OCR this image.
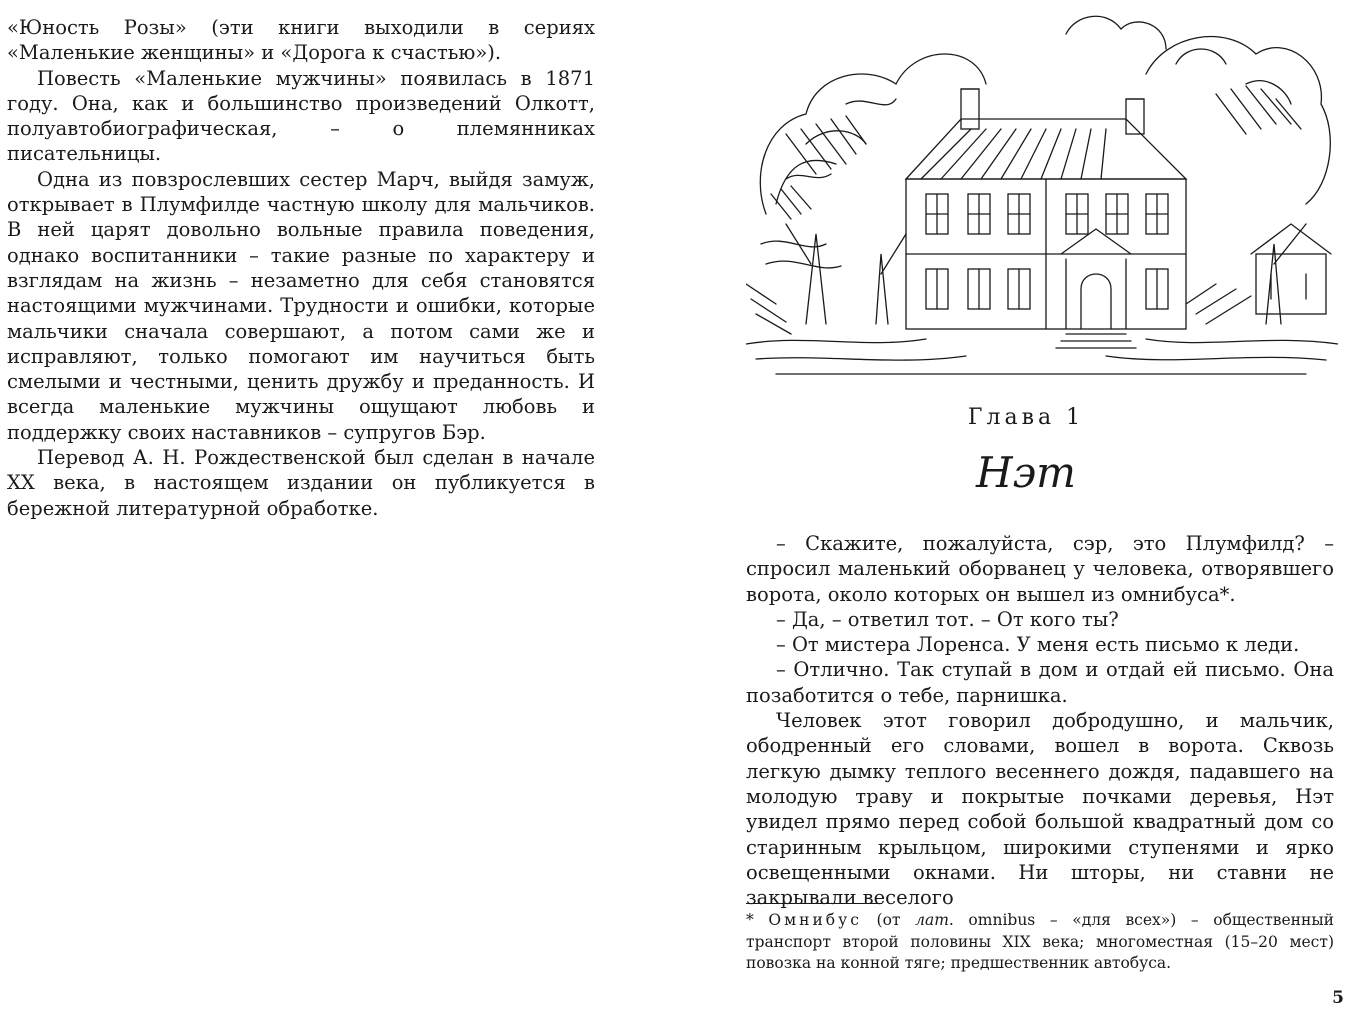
«Юность Розы» (эти книги выходили в сериях «Маленькие женщины» и «Дорога к счастью»).

Повесть «Маленькие мужчины» появилась в 1871 году. Она, как и большинство произведений Олкотт, полуавтобиографическая, – о племянниках писательницы.

Одна из повзрослевших сестер Марч, выйдя замуж, открывает в Плумфилде частную школу для мальчиков. В ней царят довольно вольные правила поведения, однако воспитанники – такие разные по характеру и взглядам на жизнь – незаметно для себя становятся настоящими мужчинами. Трудности и ошибки, которые мальчики сначала совершают, а потом сами же и исправляют, только помогают им научиться быть смелыми и честными, ценить дружбу и преданность. И всегда маленькие мужчины ощущают любовь и поддержку своих наставников – супругов Бэр.

Перевод А. Н. Рождественской был сделан в начале XX века, в настоящем издании он публикуется в бережной литературной обработке.

Глава 1
Нэт

– Скажите, пожалуйста, сэр, это Плумфилд? – спросил маленький оборванец у человека, отворявшего ворота, около которых он вышел из омнибуса*.

– Да, – ответил тот. – От кого ты?

– От мистера Лоренса. У меня есть письмо к леди.

– Отлично. Так ступай в дом и отдай ей письмо. Она позаботится о тебе, парнишка.

Человек этот говорил добродушно, и мальчик, ободренный его словами, вошел в ворота. Сквозь легкую дымку теплого весеннего дождя, падавшего на молодую траву и покрытые почками деревья, Нэт увидел прямо перед собой большой квадратный дом со старинным крыльцом, широкими ступенями и ярко освещенными окнами. Ни шторы, ни ставни не закрывали веселого

* Омнибус (от лат. omnibus – «для всех») – общественный транспорт второй половины XIX века; многоместная (15–20 мест) повозка на конной тяге; предшественник автобуса.
5
